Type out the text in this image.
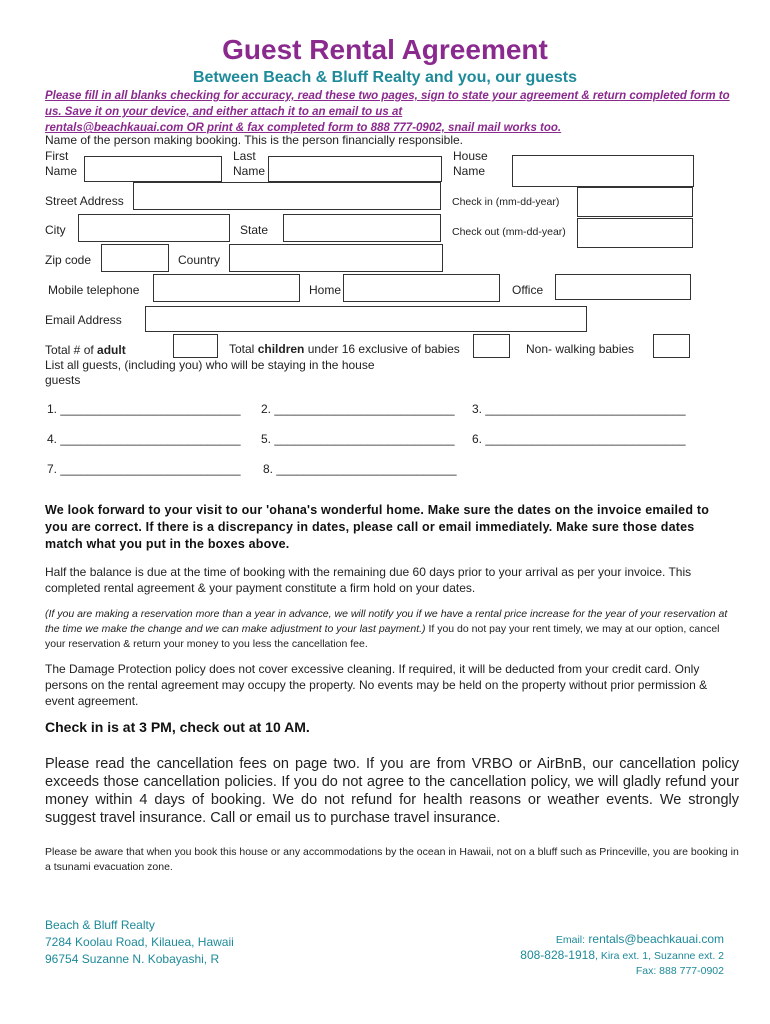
Guest Rental Agreement
Between Beach & Bluff Realty and you, our guests
Please fill in all blanks checking for accuracy, read these two pages, sign to state your agreement & return completed form to us. Save it on your device, and either attach it to an email to us at
rentals@beachkauai.com OR print & fax completed form to 888 777-0902, snail mail works too.
Name of the person making booking. This is the person financially responsible.
First
Name
Last
Name
House
Name
Street Address	Check in (mm-dd-year)
City	State	Check out (mm-dd-year)
Zip code	Country
Mobile telephone	Home	Office
Email Address
Total # of adult	Total children under 16 exclusive of babies	Non- walking babies
List all guests, (including you) who will be staying in the house guests
1. ___________________________ 2. ___________________________ 3. ______________________________
4. ___________________________ 5. ___________________________ 6. ______________________________
7. ___________________________ 8. ___________________________
We look forward to your visit to our 'ohana's wonderful home. Make sure the dates on the invoice emailed to you are correct. If there is a discrepancy in dates, please call or email immediately. Make sure those dates match what you put in the boxes above.
Half the balance is due at the time of booking with the remaining due 60 days prior to your arrival as per your invoice. This completed rental agreement & your payment constitute a firm hold on your dates.
(If you are making a reservation more than a year in advance, we will notify you if we have a rental price increase for the year of your reservation at the time we make the change and we can make adjustment to your last payment.) If you do not pay your rent timely, we may at our option, cancel your reservation & return your money to you less the cancellation fee.
The Damage Protection policy does not cover excessive cleaning. If required, it will be deducted from your credit card. Only persons on the rental agreement may occupy the property. No events may be held on the property without prior permission & event agreement.
Check in is at 3 PM, check out at 10 AM.
Please read the cancellation fees on page two. If you are from VRBO or AirBnB, our cancellation policy exceeds those cancellation policies. If you do not agree to the cancellation policy, we will gladly refund your money within 4 days of booking. We do not refund for health reasons or weather events. We strongly suggest travel insurance. Call or email us to purchase travel insurance.
Please be aware that when you book this house or any accommodations by the ocean in Hawaii, not on a bluff such as Princeville, you are booking in a tsunami evacuation zone.
Beach & Bluff Realty
7284 Koolau Road, Kilauea, Hawaii
96754 Suzanne N. Kobayashi, R
Email: rentals@beachkauai.com
808-828-1918, Kira ext. 1, Suzanne ext. 2
Fax: 888 777-0902
